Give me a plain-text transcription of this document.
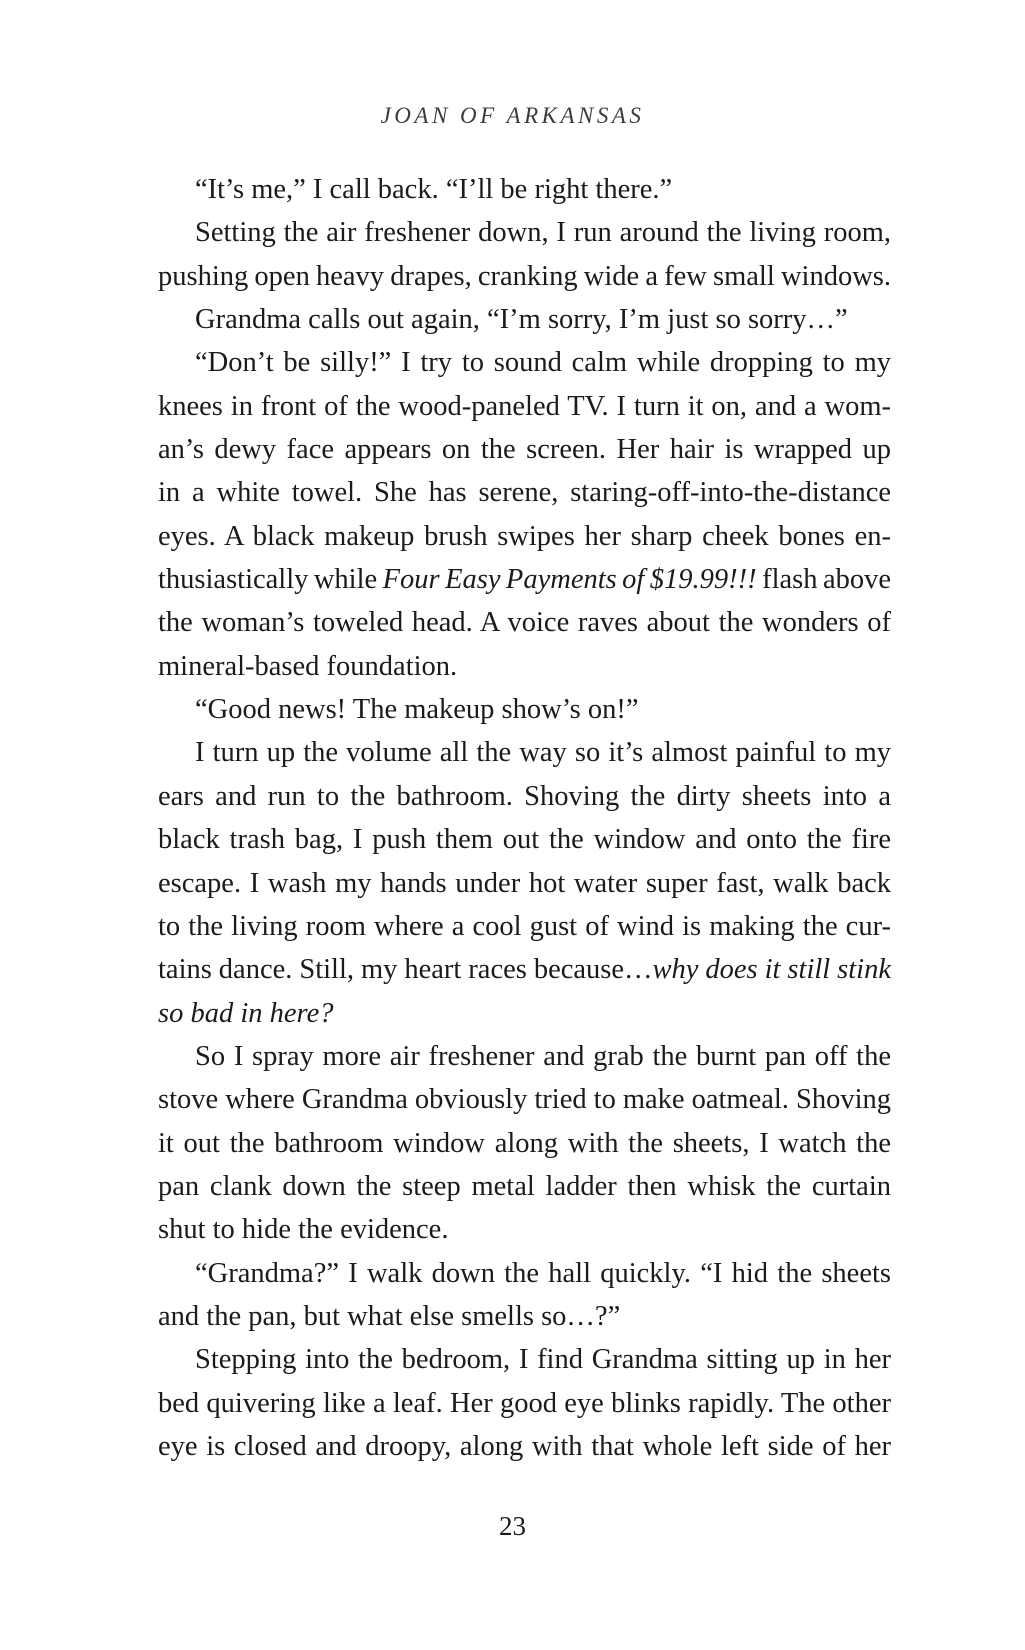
JOAN OF ARKANSAS
“It’s me,” I call back. “I’ll be right there.”
Setting the air freshener down, I run around the living room,
pushing open heavy drapes, cranking wide a few small windows.
Grandma calls out again, “I’m sorry, I’m just so sorry…”
“Don’t be silly!” I try to sound calm while dropping to my
knees in front of the wood-paneled TV. I turn it on, and a wom-
an’s dewy face appears on the screen. Her hair is wrapped up
in a white towel. She has serene, staring-off-into-the-distance
eyes. A black makeup brush swipes her sharp cheek bones en-
thusiastically while Four Easy Payments of $19.99!!! flash above
the woman’s toweled head. A voice raves about the wonders of
mineral-based foundation.
“Good news! The makeup show’s on!”
I turn up the volume all the way so it’s almost painful to my
ears and run to the bathroom. Shoving the dirty sheets into a
black trash bag, I push them out the window and onto the fire
escape. I wash my hands under hot water super fast, walk back
to the living room where a cool gust of wind is making the cur-
tains dance. Still, my heart races because…why does it still stink
so bad in here?
So I spray more air freshener and grab the burnt pan off the
stove where Grandma obviously tried to make oatmeal. Shoving
it out the bathroom window along with the sheets, I watch the
pan clank down the steep metal ladder then whisk the curtain
shut to hide the evidence.
“Grandma?” I walk down the hall quickly. “I hid the sheets
and the pan, but what else smells so…?”
Stepping into the bedroom, I find Grandma sitting up in her
bed quivering like a leaf. Her good eye blinks rapidly. The other
eye is closed and droopy, along with that whole left side of her
23
